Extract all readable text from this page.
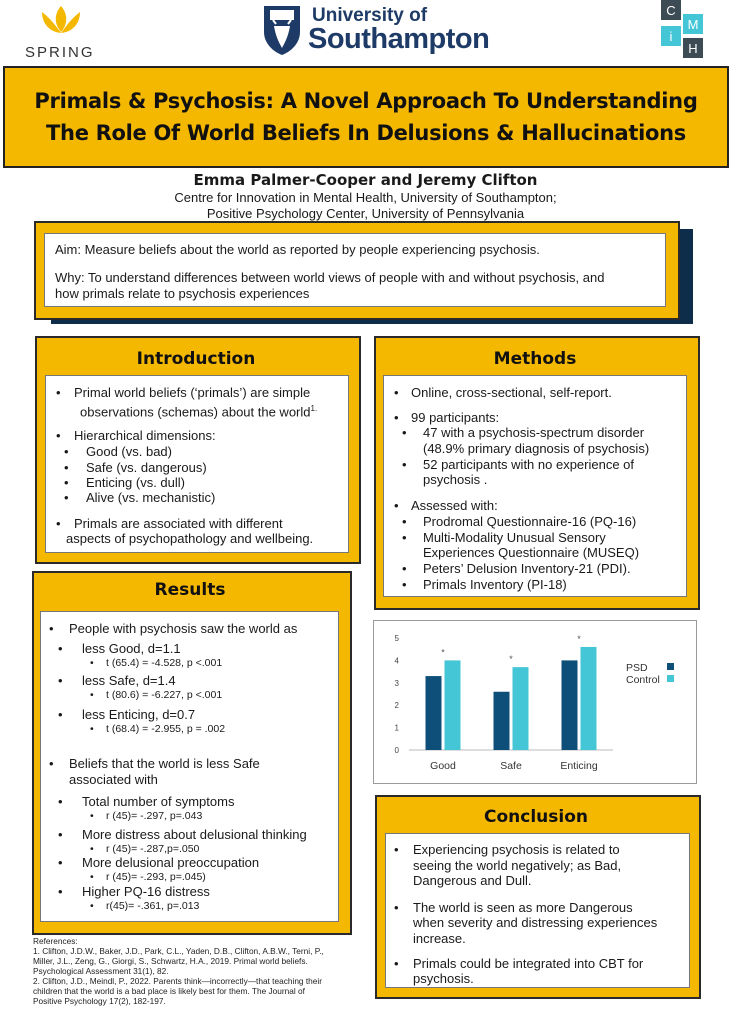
SPRING
University of
Southampton
C
M
i
H
Primals & Psychosis: A Novel Approach To Understanding
The Role Of World Beliefs In Delusions & Hallucinations
Emma Palmer-Cooper and Jeremy Clifton
Centre for Innovation in Mental Health, University of Southampton;
Positive Psychology Center, University of Pennsylvania
Aim: Measure beliefs about the world as reported by people experiencing psychosis.
Why: To understand differences between world views of people with and without psychosis, and
how primals relate to psychosis experiences
Introduction
• Primal world beliefs (‘primals’) are simple
observations (schemas) about the world$^{1.}$
• Hierarchical dimensions:
• Good (vs. bad)
• Safe (vs. dangerous)
• Enticing (vs. dull)
• Alive (vs. mechanistic)
• Primals are associated with different
aspects of psychopathology and wellbeing.
Methods
• Online, cross-sectional, self-report.
• 99 participants:
• 47 with a psychosis-spectrum disorder
(48.9% primary diagnosis of psychosis)
• 52 participants with no experience of
psychosis .
• Assessed with:
• Prodromal Questionnaire-16 (PQ-16)
• Multi-Modality Unusual Sensory
Experiences Questionnaire (MUSEQ)
• Peters’ Delusion Inventory-21 (PDI).
• Primals Inventory (PI-18)
Results
• People with psychosis saw the world as
• less Good, d=1.1
• t (65.4) = -4.528, p <.001
• less Safe, d=1.4
• t (80.6) = -6.227, p <.001
• less Enticing, d=0.7
• t (68.4) = -2.955, p = .002
• Beliefs that the world is less Safe
associated with
• Total number of symptoms
• r (45)= -.297, p=.043
• More distress about delusional thinking
• r (45)= -.287,p=.050
• More delusional preoccupation
• r (45)= -.293, p=.045)
• Higher PQ-16 distress
• r(45)= -.361, p=.013
0
1
2
3
4
5
Good
*
Safe
*
Enticing
*
PSD
Control
Conclusion
• Experiencing psychosis is related to
seeing the world negatively; as Bad,
Dangerous and Dull.
• The world is seen as more Dangerous
when severity and distressing experiences
increase.
• Primals could be integrated into CBT for
psychosis.
References:
1. Clifton, J.D.W., Baker, J.D., Park, C.L., Yaden, D.B., Clifton, A.B.W., Terni, P.,
Miller, J.L., Zeng, G., Giorgi, S., Schwartz, H.A., 2019. Primal world beliefs.
Psychological Assessment 31(1), 82.
2. Clifton, J.D., Meindl, P., 2022. Parents think—incorrectly—that teaching their
children that the world is a bad place is likely best for them. The Journal of
Positive Psychology 17(2), 182-197.
